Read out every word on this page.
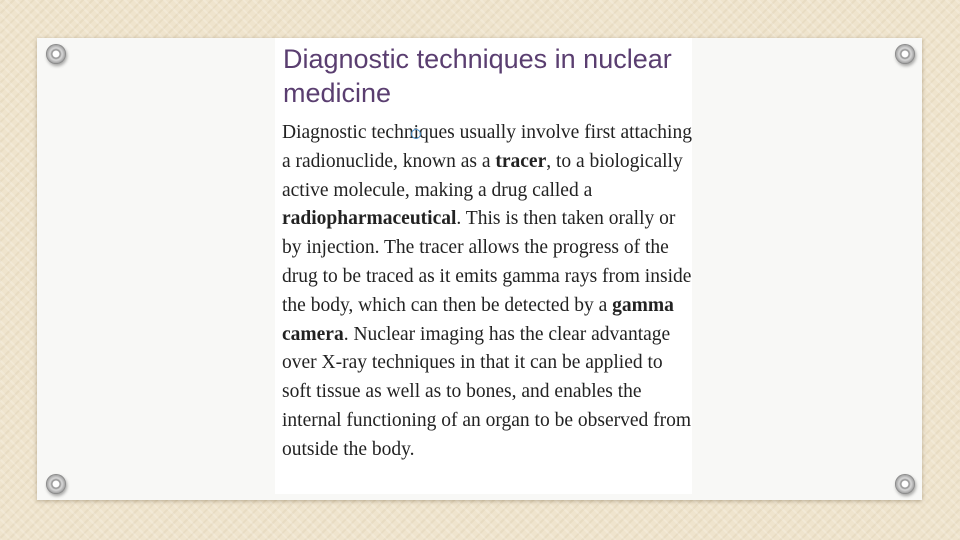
Diagnostic techniques in nuclear medicine

Diagnostic techniques usually involve first attaching a radionuclide, known as a tracer, to a biologically active molecule, making a drug called a radiopharmaceutical. This is then taken orally or by injection. The tracer allows the progress of the drug to be traced as it emits gamma rays from inside the body, which can then be detected by a gamma camera. Nuclear imaging has the clear advantage over X-ray techniques in that it can be applied to soft tissue as well as to bones, and enables the internal functioning of an organ to be observed from outside the body.
